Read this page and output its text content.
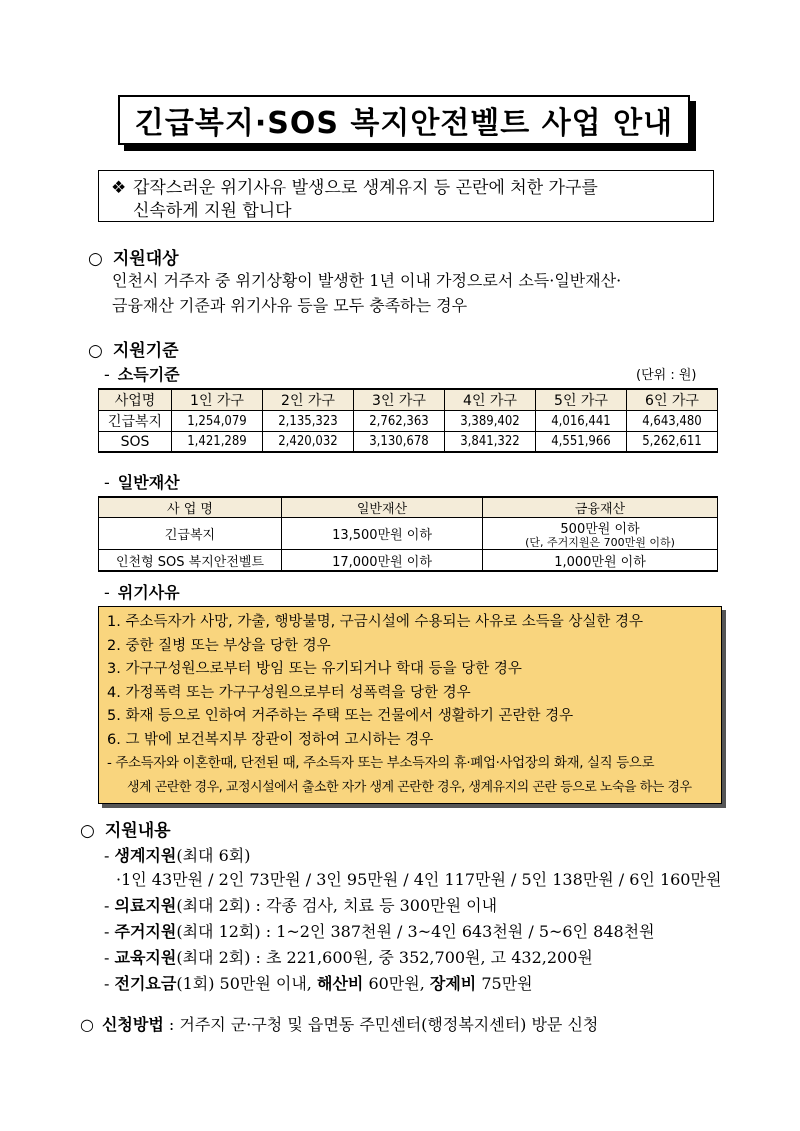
긴급복지·SOS 복지안전벨트 사업 안내
❖ 갑작스러운 위기사유 발생으로 생계유지 등 곤란에 처한 가구를
신속하게 지원 합니다
○ 지원대상
인천시 거주자 중 위기상황이 발생한 1년 이내 가정으로서 소득·일반재산·
금융재산 기준과 위기사유 등을 모두 충족하는 경우
○ 지원기준
- 소득기준	(단위 : 원)
사업명	1인 가구	2인 가구	3인 가구	4인 가구	5인 가구	6인 가구
긴급복지	1,254,079	2,135,323	2,762,363	3,389,402	4,016,441	4,643,480
SOS	1,421,289	2,420,032	3,130,678	3,841,322	4,551,966	5,262,611
- 일반재산
사 업 명	일반재산	금융재산
긴급복지	13,500만원 이하	500만원 이하
(단, 주거지원은 700만원 이하)

인천형 SOS 복지안전벨트	17,000만원 이하	1,000만원 이하
- 위기사유
1. 주소득자가 사망, 가출, 행방불명, 구금시설에 수용되는 사유로 소득을 상실한 경우
2. 중한 질병 또는 부상을 당한 경우
3. 가구구성원으로부터 방임 또는 유기되거나 학대 등을 당한 경우
4. 가정폭력 또는 가구구성원으로부터 성폭력을 당한 경우
5. 화재 등으로 인하여 거주하는 주택 또는 건물에서 생활하기 곤란한 경우
6. 그 밖에 보건복지부 장관이 정하여 고시하는 경우
- 주소득자와 이혼한때, 단전된 때, 주소득자 또는 부소득자의 휴·폐업·사업장의 화재, 실직 등으로
생계 곤란한 경우, 교정시설에서 출소한 자가 생계 곤란한 경우, 생계유지의 곤란 등으로 노숙을 하는 경우
○ 지원내용
- 생계지원(최대 6회)
·1인 43만원 / 2인 73만원 / 3인 95만원 / 4인 117만원 / 5인 138만원 / 6인 160만원
- 의료지원(최대 2회) : 각종 검사, 치료 등 300만원 이내
- 주거지원(최대 12회) : 1~2인 387천원 / 3~4인 643천원 / 5~6인 848천원
- 교육지원(최대 2회) : 초 221,600원, 중 352,700원, 고 432,200원
- 전기요금(1회) 50만원 이내, 해산비 60만원, 장제비 75만원
○ 신청방법 : 거주지 군·구청 및 읍면동 주민센터(행정복지센터) 방문 신청
